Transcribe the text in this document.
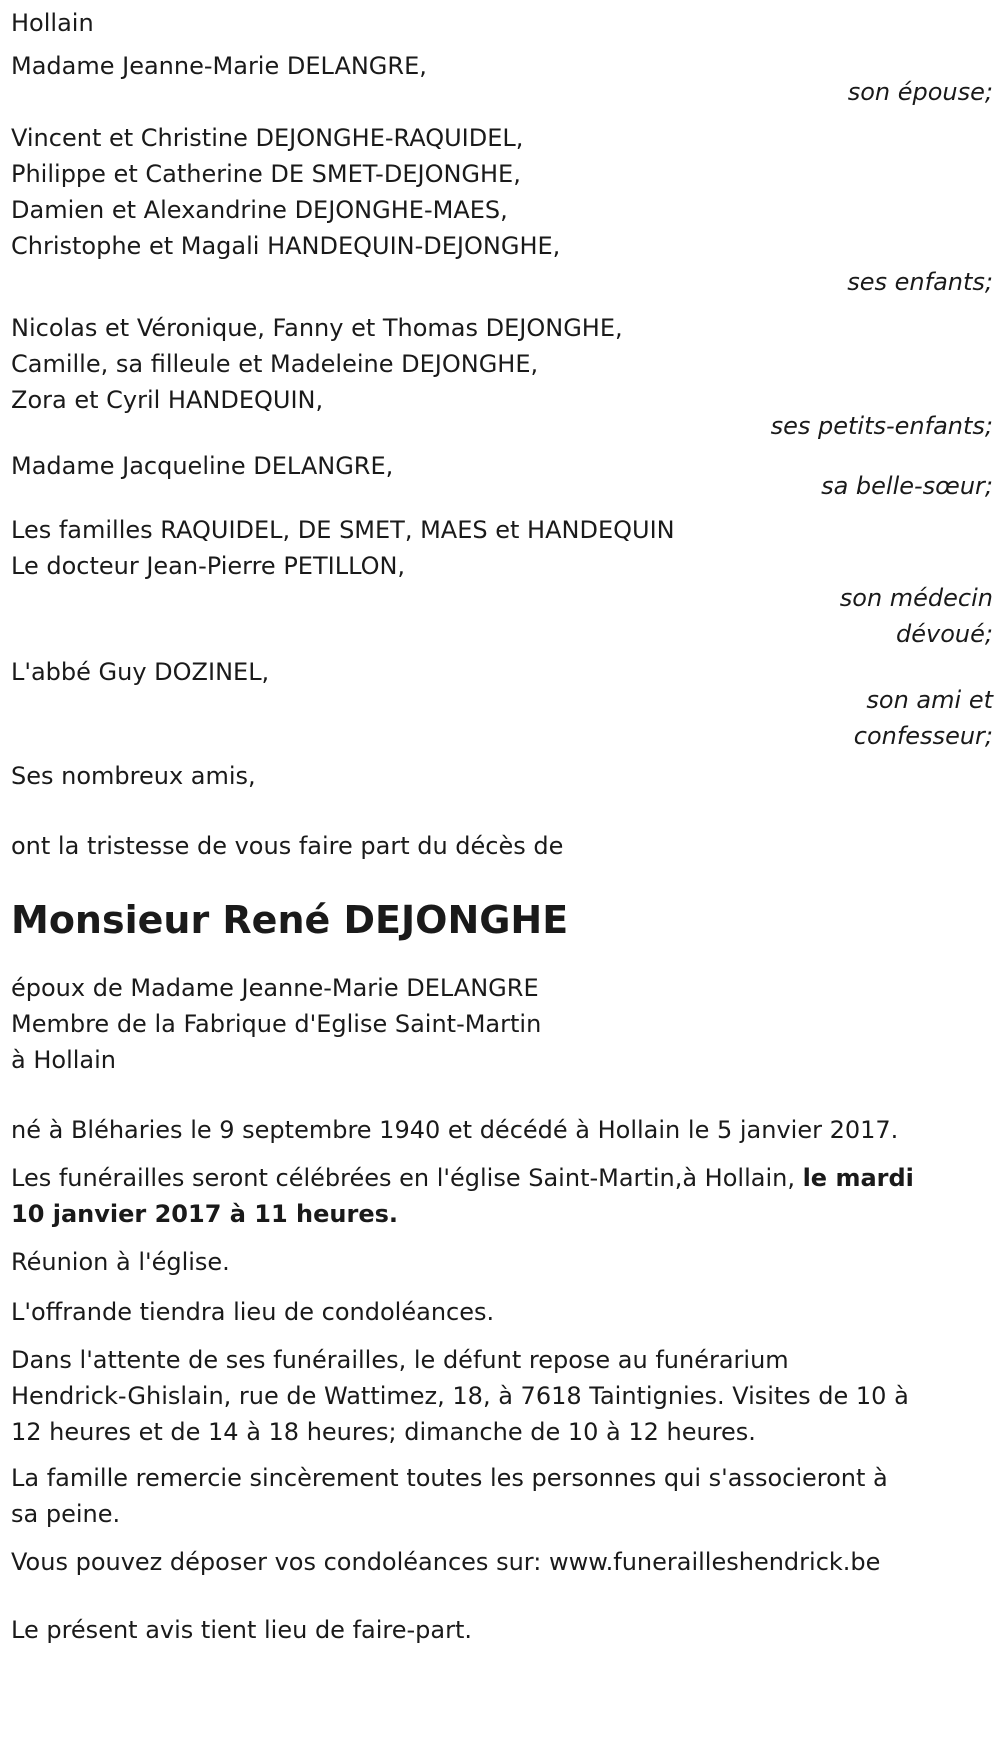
Hollain
Madame Jeanne-Marie DELANGRE,
son épouse;
Vincent et Christine DEJONGHE-RAQUIDEL,
Philippe et Catherine DE SMET-DEJONGHE,
Damien et Alexandrine DEJONGHE-MAES,
Christophe et Magali HANDEQUIN-DEJONGHE,
ses enfants;
Nicolas et Véronique, Fanny et Thomas DEJONGHE,
Camille, sa filleule et Madeleine DEJONGHE,
Zora et Cyril HANDEQUIN,
ses petits-enfants;
Madame Jacqueline DELANGRE,
sa belle-sœur;
Les familles RAQUIDEL, DE SMET, MAES et HANDEQUIN
Le docteur Jean-Pierre PETILLON,
son médecin
dévoué;
L'abbé Guy DOZINEL,
son ami et
confesseur;
Ses nombreux amis,
ont la tristesse de vous faire part du décès de
Monsieur René DEJONGHE
époux de Madame Jeanne-Marie DELANGRE
Membre de la Fabrique d'Eglise Saint-Martin
à Hollain
né à Bléharies le 9 septembre 1940 et décédé à Hollain le 5 janvier 2017.
Les funérailles seront célébrées en l'église Saint-Martin,à Hollain, le mardi 10 janvier 2017 à 11 heures.
Réunion à l'église.
L'offrande tiendra lieu de condoléances.
Dans l'attente de ses funérailles, le défunt repose au funérarium Hendrick-Ghislain, rue de Wattimez, 18, à 7618 Taintignies. Visites de 10 à 12 heures et de 14 à 18 heures; dimanche de 10 à 12 heures.
La famille remercie sincèrement toutes les personnes qui s'associeront à sa peine.
Vous pouvez déposer vos condoléances sur: www.funerailleshendrick.be
Le présent avis tient lieu de faire-part.
